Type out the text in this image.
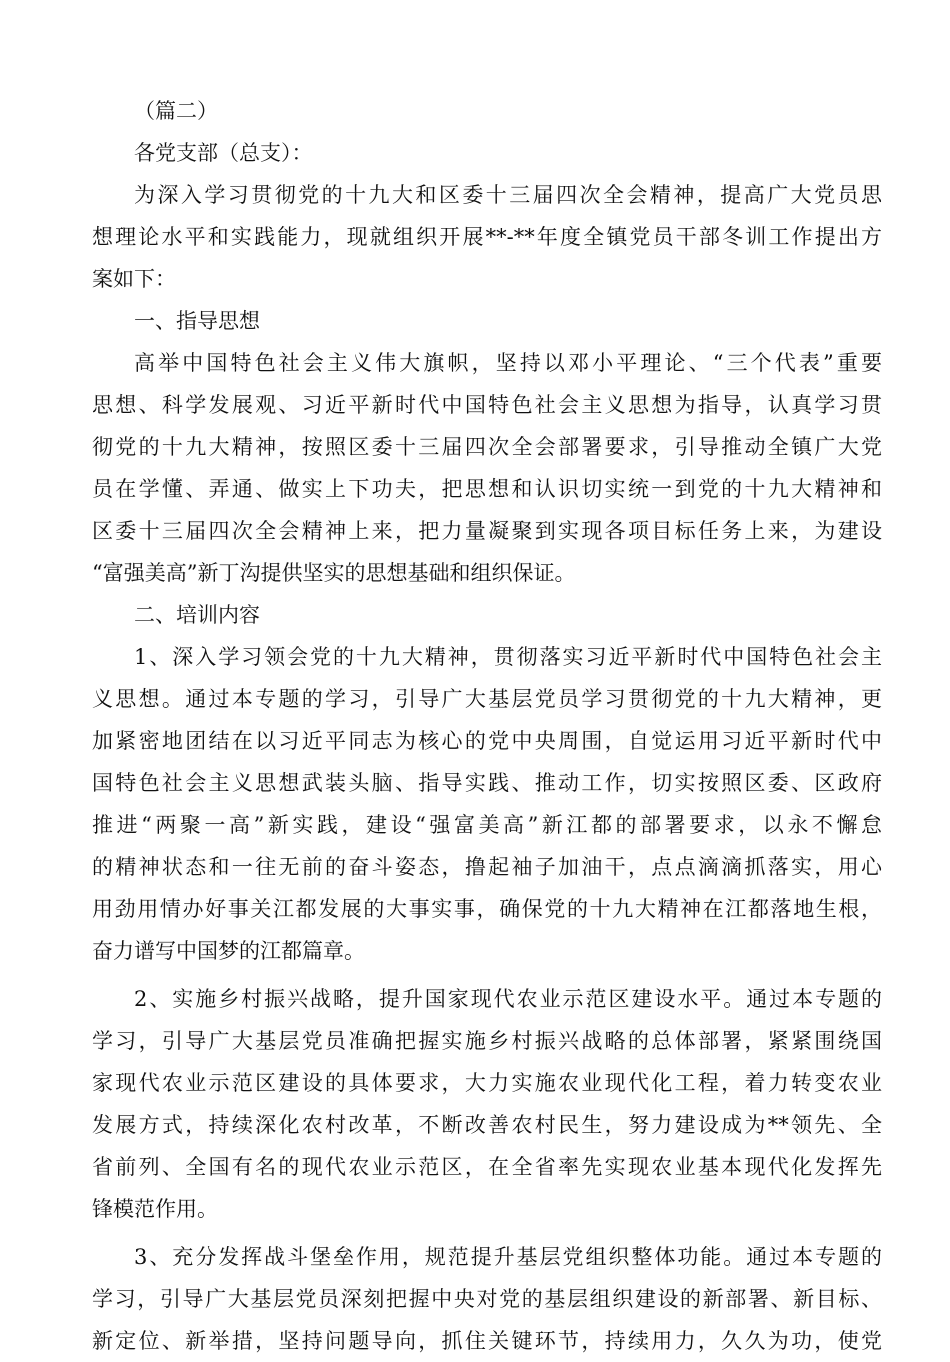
（篇二）
各党支部（总支）：
为深入学习贯彻党的十九大和区委十三届四次全会精神，提高广大党员思
想理论水平和实践能力，现就组织开展**-**年度全镇党员干部冬训工作提出方
案如下：
一、指导思想
高举中国特色社会主义伟大旗帜，坚持以邓小平理论、“三个代表”重要
思想、科学发展观、习近平新时代中国特色社会主义思想为指导，认真学习贯
彻党的十九大精神，按照区委十三届四次全会部署要求，引导推动全镇广大党
员在学懂、弄通、做实上下功夫，把思想和认识切实统一到党的十九大精神和
区委十三届四次全会精神上来，把力量凝聚到实现各项目标任务上来，为建设
“富强美高”新丁沟提供坚实的思想基础和组织保证。
二、培训内容
1、深入学习领会党的十九大精神，贯彻落实习近平新时代中国特色社会主
义思想。通过本专题的学习，引导广大基层党员学习贯彻党的十九大精神，更
加紧密地团结在以习近平同志为核心的党中央周围，自觉运用习近平新时代中
国特色社会主义思想武装头脑、指导实践、推动工作，切实按照区委、区政府
推进“两聚一高”新实践，建设“强富美高”新江都的部署要求，以永不懈怠
的精神状态和一往无前的奋斗姿态，撸起袖子加油干，点点滴滴抓落实，用心
用劲用情办好事关江都发展的大事实事，确保党的十九大精神在江都落地生根，
奋力谱写中国梦的江都篇章。
2、实施乡村振兴战略，提升国家现代农业示范区建设水平。通过本专题的
学习，引导广大基层党员准确把握实施乡村振兴战略的总体部署，紧紧围绕国
家现代农业示范区建设的具体要求，大力实施农业现代化工程，着力转变农业
发展方式，持续深化农村改革，不断改善农村民生，努力建设成为**领先、全
省前列、全国有名的现代农业示范区，在全省率先实现农业基本现代化发挥先
锋模范作用。
3、充分发挥战斗堡垒作用，规范提升基层党组织整体功能。通过本专题的
学习，引导广大基层党员深刻把握中央对党的基层组织建设的新部署、新目标、
新定位、新举措，坚持问题导向，抓住关键环节，持续用力，久久为功，使党
